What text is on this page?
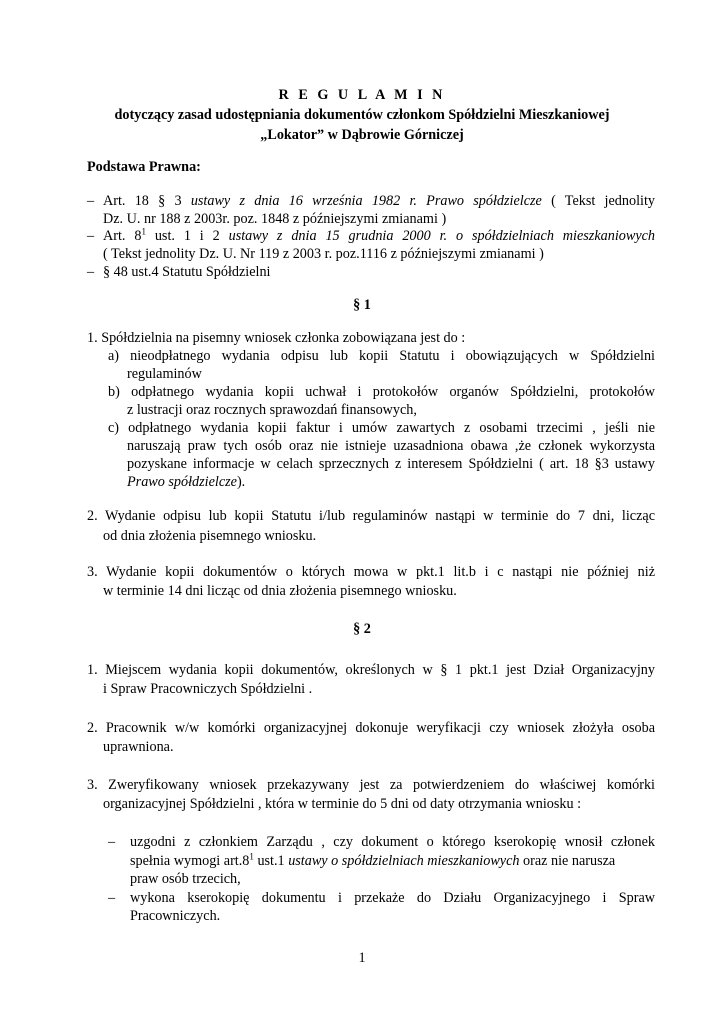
R E G U L A M I N
dotyczący zasad udostępniania dokumentów członkom Spółdzielni Mieszkaniowej
„Lokator” w Dąbrowie Górniczej
Podstawa Prawna:
– Art. 18 § 3 ustawy z dnia 16 września 1982 r. Prawo spółdzielcze ( Tekst jednolity
Dz. U. nr 188 z 2003r. poz. 1848 z późniejszymi zmianami )
– Art. $8^1$ ust. 1 i 2 ustawy z dnia 15 grudnia 2000 r. o spółdzielniach mieszkaniowych
( Tekst jednolity Dz. U. Nr 119 z 2003 r. poz.1116 z późniejszymi zmianami )
– § 48 ust.4 Statutu Spółdzielni
§ 1
1. Spółdzielnia na pisemny wniosek członka zobowiązana jest do :
a) nieodpłatnego wydania odpisu lub kopii Statutu i obowiązujących w Spółdzielni
regulaminów
b) odpłatnego wydania kopii uchwał i protokołów organów Spółdzielni, protokołów
z lustracji oraz rocznych sprawozdań finansowych,
c) odpłatnego wydania kopii faktur i umów zawartych z osobami trzecimi , jeśli nie
naruszają praw tych osób oraz nie istnieje uzasadniona obawa ,że członek wykorzysta
pozyskane informacje w celach sprzecznych z interesem Spółdzielni ( art. 18 §3 ustawy
Prawo spółdzielcze).
2. Wydanie odpisu lub kopii Statutu i/lub regulaminów nastąpi w terminie do 7 dni, licząc
od dnia złożenia pisemnego wniosku.
3. Wydanie kopii dokumentów o których mowa w pkt.1 lit.b i c nastąpi nie później niż
w terminie 14 dni licząc od dnia złożenia pisemnego wniosku.
§ 2
1. Miejscem wydania kopii dokumentów, określonych w § 1 pkt.1 jest Dział Organizacyjny
i Spraw Pracowniczych Spółdzielni .
2. Pracownik w/w komórki organizacyjnej dokonuje weryfikacji czy wniosek złożyła osoba
uprawniona.
3. Zweryfikowany wniosek przekazywany jest za potwierdzeniem do właściwej komórki
organizacyjnej Spółdzielni , która w terminie do 5 dni od daty otrzymania wniosku :
– uzgodni z członkiem Zarządu , czy dokument o którego kserokopię wnosił członek
spełnia wymogi $art.8^1$ ust.1 ustawy o spółdzielniach mieszkaniowych oraz nie narusza
praw osób trzecich,
– wykona kserokopię dokumentu i przekaże do Działu Organizacyjnego i Spraw
Pracowniczych.
1
